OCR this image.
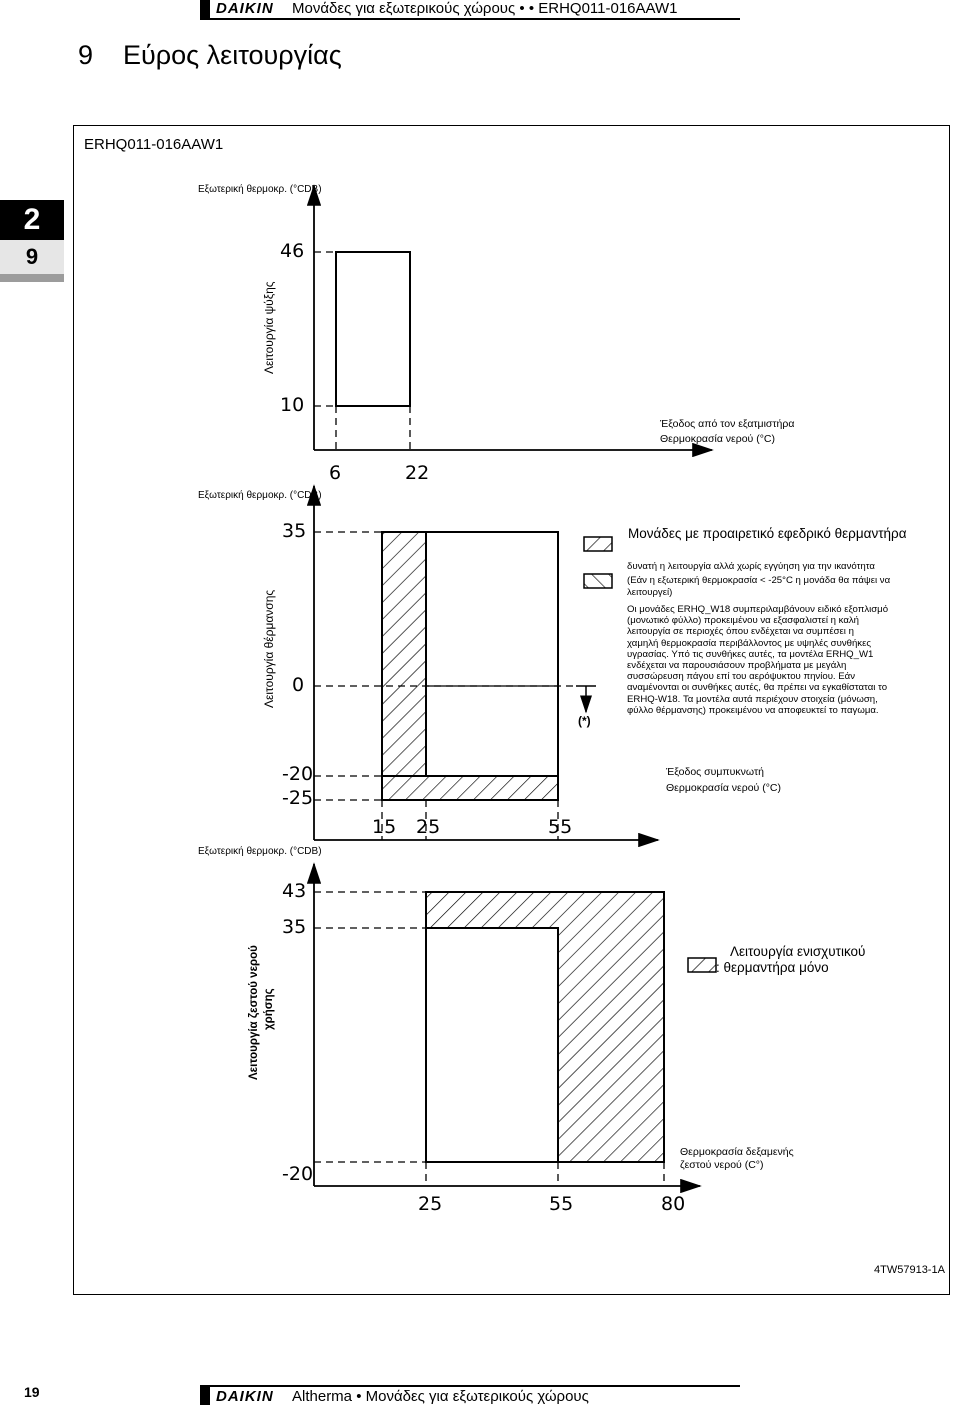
DAIKIN Μονάδες για εξωτερικούς χώρους • • ERHQ011-016AAW1
9    Εύρος λειτουργίας
2
9
ERHQ011-016AAW1
Εξωτερική θερμοκρ. (°CDB)
Λειτουργία ψύξης
46
10
6	22
Έξοδος από τον εξατμιστήρα
Θερμοκρασία νερού (°C)
Εξωτερική θερμοκρ. (°CDB)
Λειτουργία θέρμανσης
35
0
-20
-25
15 25	55
(*)
Μονάδες με προαιρετικό εφεδρικό θερμαντήρα
δυνατή η λειτουργία αλλά χωρίς εγγύηση για την ικανότητα
(Εάν η εξωτερική θερμοκρασία < -25°C η μονάδα θα πάψει να
λειτουργεί)
Οι μονάδες ERHQ_W18 συμπεριλαμβάνουν ειδικό εξοπλισμό
(μονωτικό φύλλο) προκειμένου να εξασφαλιστεί η καλή
λειτουργία σε περιοχές όπου ενδέχεται να συμπέσει η
χαμηλή θερμοκρασία περιβάλλοντος με υψηλές συνθήκες
υγρασίας. Υπό τις συνθήκες αυτές, τα μοντέλα ERHQ_W1
ενδέχεται να παρουσιάσουν προβλήματα με μεγάλη
συσσώρευση πάγου επί του αερόψυκτου πηνίου. Εάν
αναμένονται οι συνθήκες αυτές, θα πρέπει να εγκαθίσταται το
ERHQ-W18. Τα μοντέλα αυτά περιέχουν στοιχεία (μόνωση,
φύλλο θέρμανσης) προκειμένου να αποφευκτεί το παγωμα.
Έξοδος συμπυκνωτή
Θερμοκρασία νερού (°C)
Εξωτερική θερμοκρ. (°CDB)
Λειτουργία ζεστού νερού χρήσης
43
35
-20
25	55	80
Λειτουργία ενισχυτικού
: θερμαντήρα μόνο
Θερμοκρασία δεξαμενής
ζεστού νερού (C°)
4TW57913-1A
19	DAIKIN Altherma • Μονάδες για εξωτερικούς χώρους
